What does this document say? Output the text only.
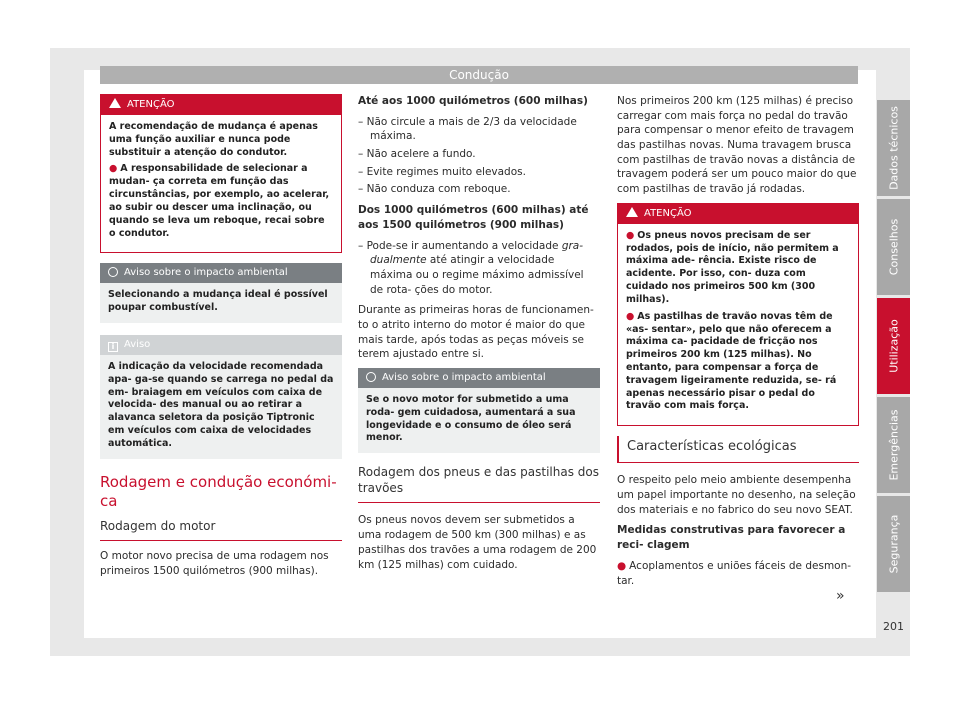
Condução
ATENÇÃO

A recomendação de mudança é apenas uma função auxiliar e nunca pode substituir a atenção do condutor.

● A responsabilidade de selecionar a mudan- ça correta em função das circunstâncias, por exemplo, ao acelerar, ao subir ou descer uma inclinação, ou quando se leva um reboque, recai sobre o condutor.

Aviso sobre o impacto ambiental
Selecionando a mudança ideal é possível poupar combustível.
i Aviso
A indicação da velocidade recomendada apa- ga-se quando se carrega no pedal da em- braiagem em veículos com caixa de velocida- des manual ou ao retirar a alavanca seletora da posição Tiptronic em veículos com caixa de velocidades automática.
Rodagem e condução económi- ca
Rodagem do motor

O motor novo precisa de uma rodagem nos primeiros 1500 quilómetros (900 milhas).

Até aos 1000 quilómetros (600 milhas)

– Não circule a mais de 2/3 da velocidade máxima.
– Não acelere a fundo.
– Evite regimes muito elevados.
– Não conduza com reboque.

Dos 1000 quilómetros (600 milhas) até aos 1500 quilómetros (900 milhas)

– Pode-se ir aumentando a velocidade gra- dualmente até atingir a velocidade máxima ou o regime máximo admissível de rota- ções do motor.

Durante as primeiras horas de funcionamen- to o atrito interno do motor é maior do que mais tarde, após todas as peças móveis se terem ajustado entre si.

Aviso sobre o impacto ambiental
Se o novo motor for submetido a uma roda- gem cuidadosa, aumentará a sua longevidade e o consumo de óleo será menor.
Rodagem dos pneus e das pastilhas dos travões

Os pneus novos devem ser submetidos a uma rodagem de 500 km (300 milhas) e as pastilhas dos travões a uma rodagem de 200 km (125 milhas) com cuidado.

Nos primeiros 200 km (125 milhas) é preciso carregar com mais força no pedal do travão para compensar o menor efeito de travagem das pastilhas novas. Numa travagem brusca com pastilhas de travão novas a distância de travagem poderá ser um pouco maior do que com pastilhas de travão já rodadas.

ATENÇÃO

● Os pneus novos precisam de ser rodados, pois de início, não permitem a máxima ade- rência. Existe risco de acidente. Por isso, con- duza com cuidado nos primeiros 500 km (300 milhas).

● As pastilhas de travão novas têm de «as- sentar», pelo que não oferecem a máxima ca- pacidade de fricção nos primeiros 200 km (125 milhas). No entanto, para compensar a força de travagem ligeiramente reduzida, se- rá apenas necessário pisar o pedal do travão com mais força.

Características ecológicas

O respeito pelo meio ambiente desempenha um papel importante no desenho, na seleção dos materiais e no fabrico do seu novo SEAT.

Medidas construtivas para favorecer a reci- clagem

● Acoplamentos e uniões fáceis de desmon- tar.

Dados técnicos
Conselhos
Utilização
Emergências
Segurança
»
201
